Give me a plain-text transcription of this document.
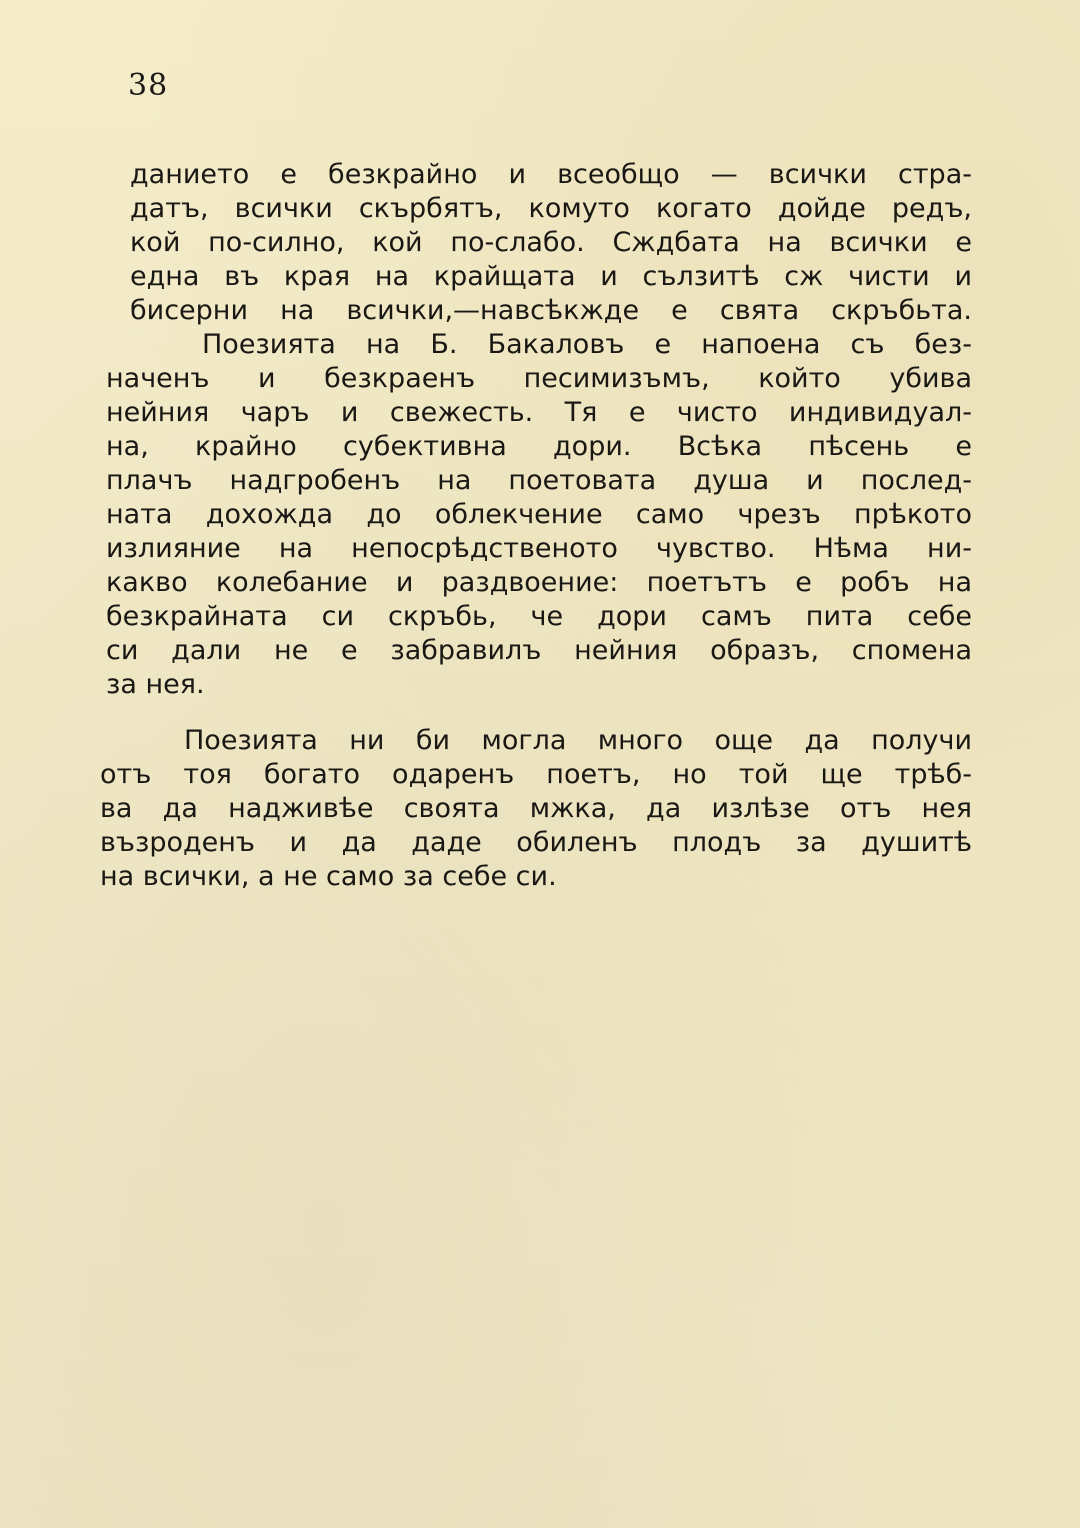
38
даниетo е безкрайно и всеобщо — всички стра-
датъ, всички скърбятъ, комуто когато дойде редъ,
кой по-силно, кой по-слабо. Сждбата на всички е
една въ края на крайщата и сълзитѣ сж чисти и
бисерни на всички,—навсѣкждe е свята скръбьта.
Поезията на Б. Бакаловъ е напоена съ без-
наченъ и безкраенъ песимизъмъ, който убива
нейния чаръ и свежесть. Тя е чисто индивидуал-
на, крайно субективна дори. Всѣка пѣсень е
плачъ надгробенъ на поетовата душа и послед-
ната дохожда до облекчение само чрезъ прѣкото
излияние на непосрѣдственото чувство. Нѣма ни-
какво колебание и раздвоение: поетътъ е робъ на
безкрайната си скръбь, че дори самъ пита себе
си дали не е забравилъ нейния образъ, спомена
за нея.
Поезията ни би могла много още да получи
отъ тоя богато одаренъ поетъ, но той ще трѣб-
ва да надживѣе своята мжка, да излѣзе отъ нея
възроденъ и да даде обиленъ плодъ за душитѣ
на всички, а не само за себе си.
